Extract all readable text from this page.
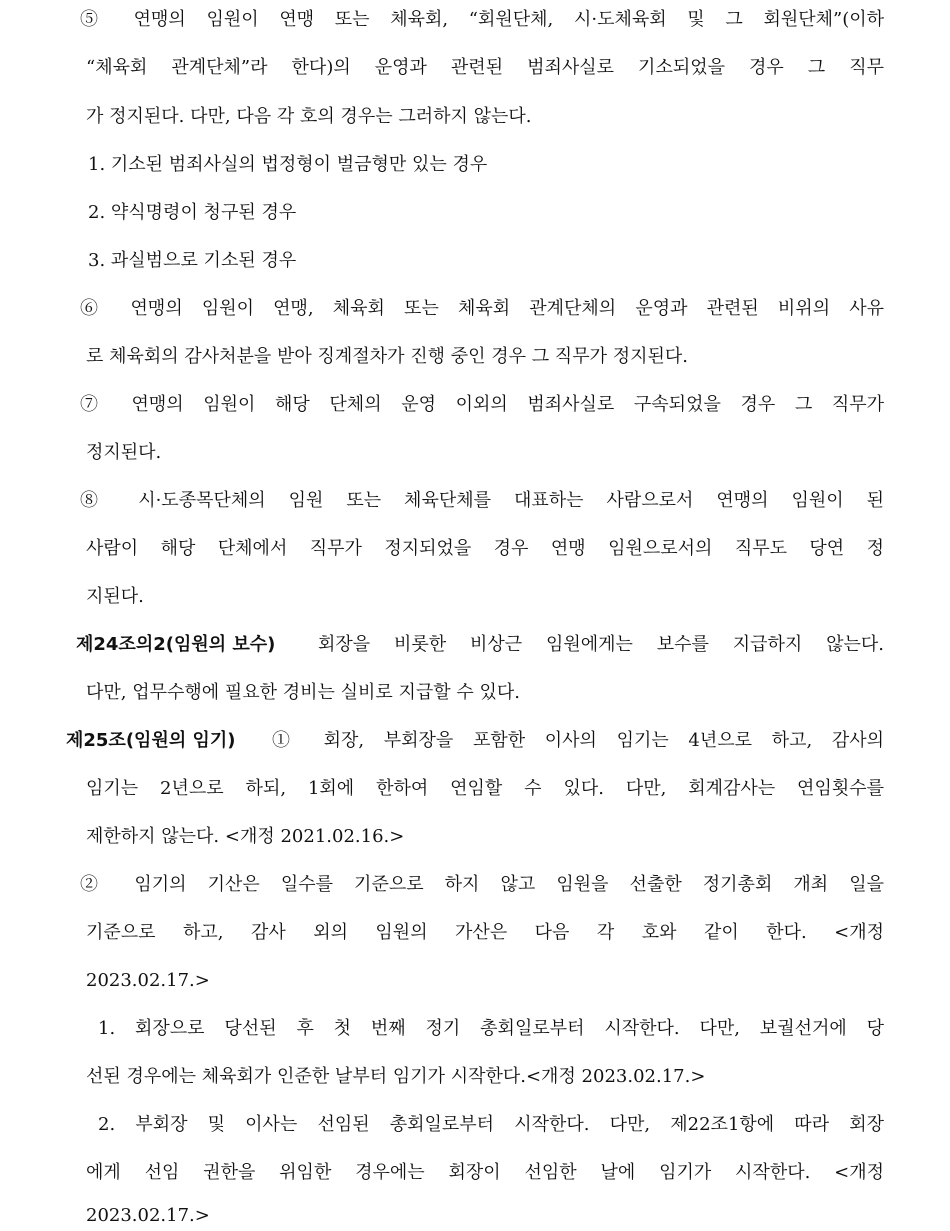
⑤ 연맹의 임원이 연맹 또는 체육회, “회원단체, 시·도체육회 및 그 회원단체”(이하
“체육회 관계단체”라 한다)의 운영과 관련된 범죄사실로 기소되었을 경우 그 직무
가 정지된다. 다만, 다음 각 호의 경우는 그러하지 않는다.
1. 기소된 범죄사실의 법정형이 벌금형만 있는 경우
2. 약식명령이 청구된 경우
3. 과실범으로 기소된 경우
⑥ 연맹의 임원이 연맹, 체육회 또는 체육회 관계단체의 운영과 관련된 비위의 사유
로 체육회의 감사처분을 받아 징계절차가 진행 중인 경우 그 직무가 정지된다.
⑦ 연맹의 임원이 해당 단체의 운영 이외의 범죄사실로 구속되었을 경우 그 직무가
정지된다.
⑧ 시·도종목단체의 임원 또는 체육단체를 대표하는 사람으로서 연맹의 임원이 된
사람이 해당 단체에서 직무가 정지되었을 경우 연맹 임원으로서의 직무도 당연 정
지된다.
제24조의2(임원의 보수) 회장을 비롯한 비상근 임원에게는 보수를 지급하지 않는다.
다만, 업무수행에 필요한 경비는 실비로 지급할 수 있다.
제25조(임원의 임기) ① 회장, 부회장을 포함한 이사의 임기는 4년으로 하고, 감사의
임기는 2년으로 하되, 1회에 한하여 연임할 수 있다. 다만, 회계감사는 연임횟수를
제한하지 않는다. <개정 2021.02.16.>
② 임기의 기산은 일수를 기준으로 하지 않고 임원을 선출한 정기총회 개최 일을
기준으로 하고, 감사 외의 임원의 가산은 다음 각 호와 같이 한다. <개정
2023.02.17.>
1. 회장으로 당선된 후 첫 번째 정기 총회일로부터 시작한다. 다만, 보궐선거에 당
선된 경우에는 체육회가 인준한 날부터 임기가 시작한다.<개정 2023.02.17.>
2. 부회장 및 이사는 선임된 총회일로부터 시작한다. 다만, 제22조1항에 따라 회장
에게 선임 권한을 위임한 경우에는 회장이 선임한 날에 임기가 시작한다. <개정
2023.02.17.>
